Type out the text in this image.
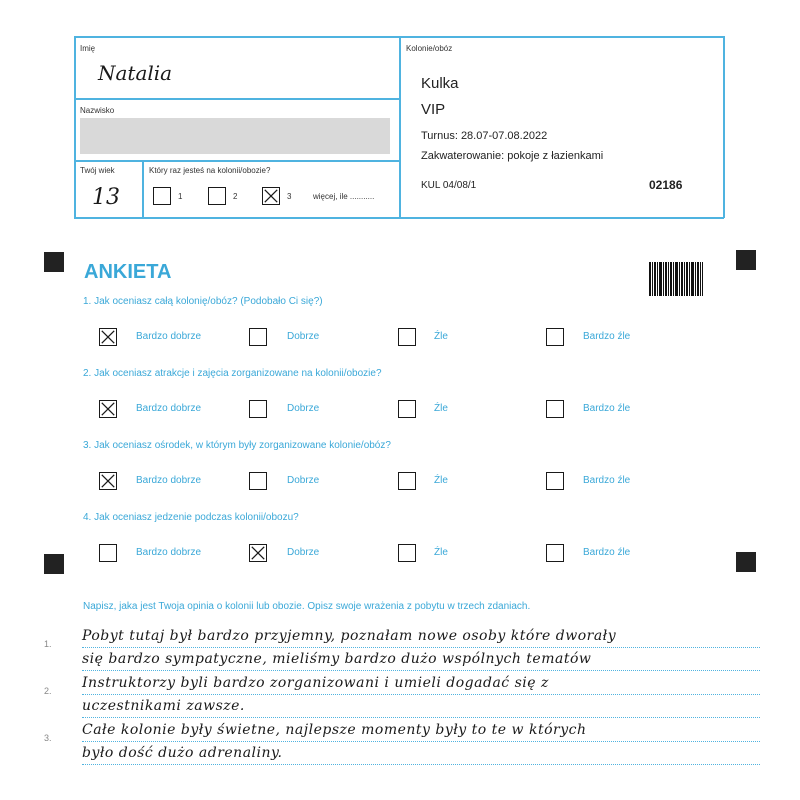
Imię
Natalia
Nazwisko
Twój wiek
13
Który raz jesteś na kolonii/obozie?
1	2	3	więcej, ile ...........
Kolonie/obóz
Kulka
VIP
Turnus: 28.07-07.08.2022
Zakwaterowanie: pokoje z łazienkami
KUL 04/08/1	02186
ANKIETA
1. Jak oceniasz całą kolonię/obóz? (Podobało Ci się?)
Bardzo dobrze	Dobrze	Źle	Bardzo źle
2. Jak oceniasz atrakcje i zajęcia zorganizowane na kolonii/obozie?
Bardzo dobrze	Dobrze	Źle	Bardzo źle
3. Jak oceniasz ośrodek, w którym były zorganizowane kolonie/obóz?
Bardzo dobrze	Dobrze	Źle	Bardzo źle
4. Jak oceniasz jedzenie podczas kolonii/obozu?
Bardzo dobrze	Dobrze	Źle	Bardzo źle
Napisz, jaka jest Twoja opinia o kolonii lub obozie. Opisz swoje wrażenia z pobytu w trzech zdaniach.
1.
2.
3.
Pobyt tutaj był bardzo przyjemny, poznałam nowe osoby które dworały
się bardzo sympatyczne, mieliśmy bardzo dużo wspólnych tematów
Instruktorzy byli bardzo zorganizowani i umieli dogadać się z
uczestnikami zawsze.
Całe kolonie były świetne, najlepsze momenty były to te w których
było dość dużo adrenaliny.
